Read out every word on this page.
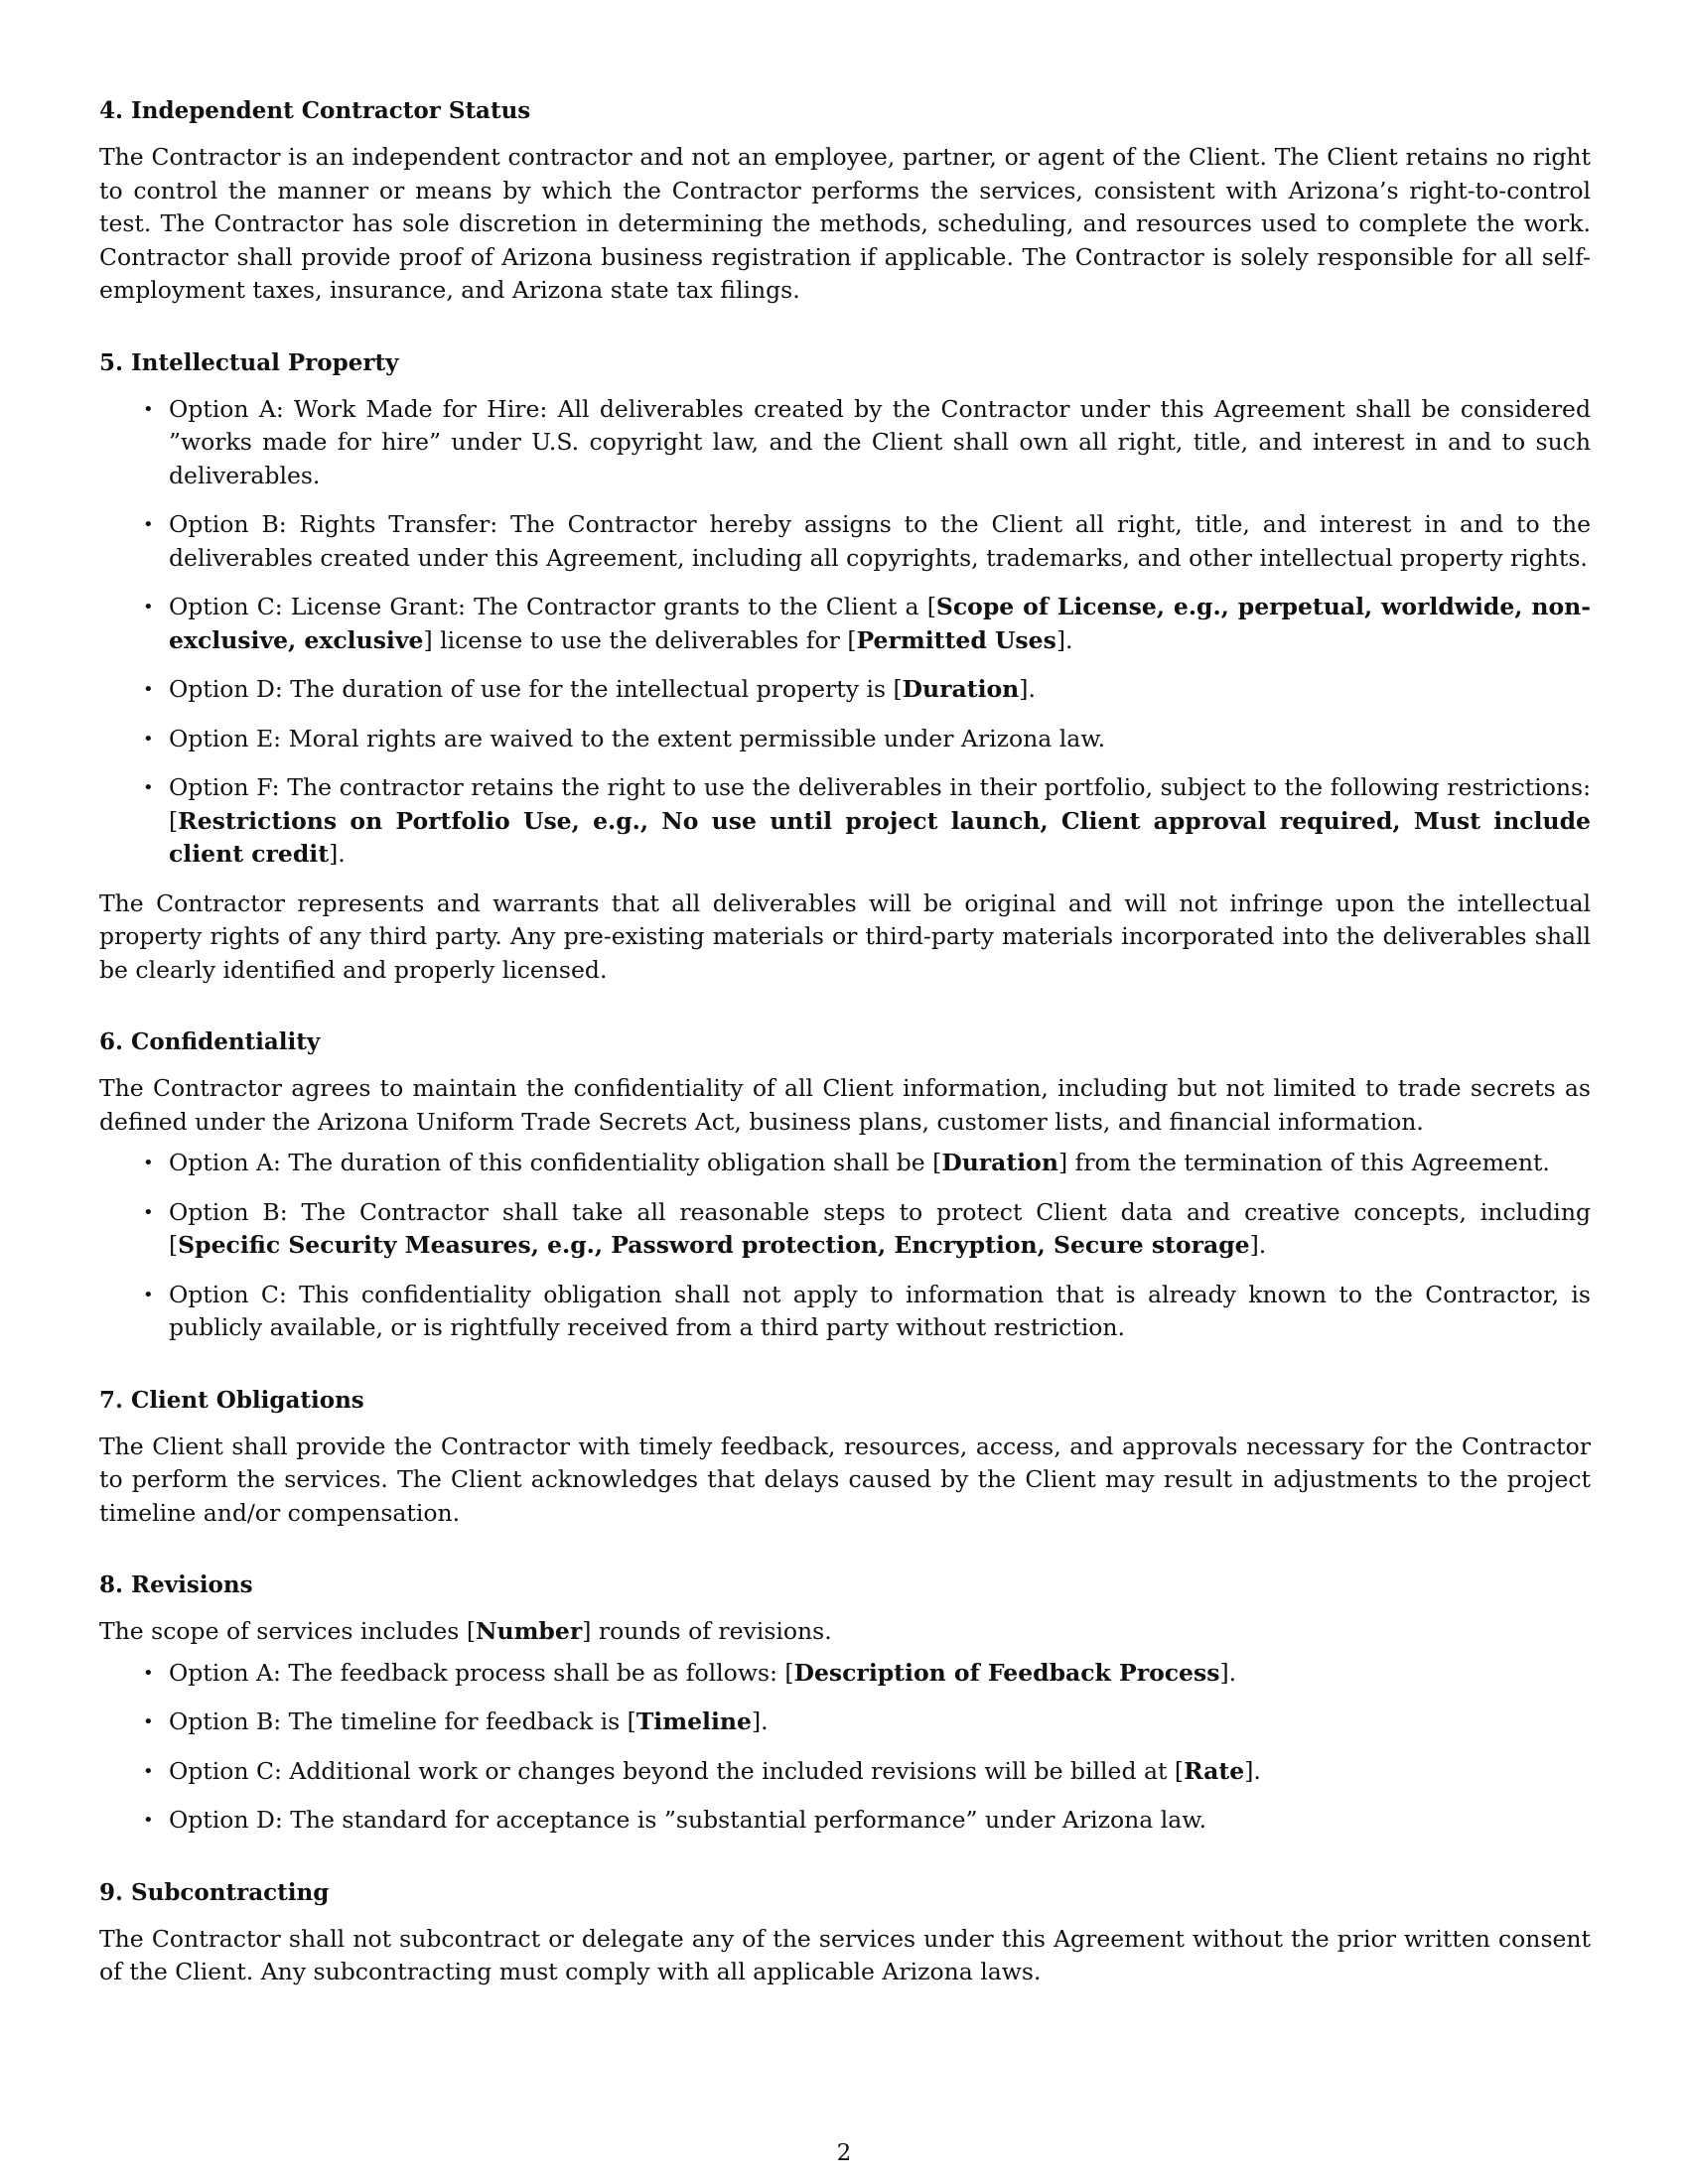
4. Independent Contractor Status

The Contractor is an independent contractor and not an employee, partner, or agent of the Client. The Client retains no right to control the manner or means by which the Contractor performs the services, consistent with Arizona’s right-to-control test. The Contractor has sole discretion in determining the methods, scheduling, and resources used to complete the work. Contractor shall provide proof of Arizona business registration if applicable. The Contractor is solely responsible for all self-employment taxes, insurance, and Arizona state tax filings.

5. Intellectual Property
• Option A: Work Made for Hire: All deliverables created by the Contractor under this Agreement shall be considered ”works made for hire” under U.S. copyright law, and the Client shall own all right, title, and interest in and to such deliverables.
• Option B: Rights Transfer: The Contractor hereby assigns to the Client all right, title, and interest in and to the deliverables created under this Agreement, including all copyrights, trademarks, and other intellectual property rights.
• Option C: License Grant: The Contractor grants to the Client a [Scope of License, e.g., perpetual, worldwide, non-exclusive, exclusive] license to use the deliverables for [Permitted Uses].
• Option D: The duration of use for the intellectual property is [Duration].
• Option E: Moral rights are waived to the extent permissible under Arizona law.
• Option F: The contractor retains the right to use the deliverables in their portfolio, subject to the following restrictions: [Restrictions on Portfolio Use, e.g., No use until project launch, Client approval required, Must include client credit].

The Contractor represents and warrants that all deliverables will be original and will not infringe upon the intellectual property rights of any third party. Any pre-existing materials or third-party materials incorporated into the deliverables shall be clearly identified and properly licensed.

6. Confidentiality

The Contractor agrees to maintain the confidentiality of all Client information, including but not limited to trade secrets as defined under the Arizona Uniform Trade Secrets Act, business plans, customer lists, and financial information.

• Option A: The duration of this confidentiality obligation shall be [Duration] from the termination of this Agreement.
• Option B: The Contractor shall take all reasonable steps to protect Client data and creative concepts, including [Specific Security Measures, e.g., Password protection, Encryption, Secure storage].
• Option C: This confidentiality obligation shall not apply to information that is already known to the Contractor, is publicly available, or is rightfully received from a third party without restriction.
7. Client Obligations

The Client shall provide the Contractor with timely feedback, resources, access, and approvals necessary for the Contractor to perform the services. The Client acknowledges that delays caused by the Client may result in adjustments to the project timeline and/or compensation.

8. Revisions

The scope of services includes [Number] rounds of revisions.

• Option A: The feedback process shall be as follows: [Description of Feedback Process].
• Option B: The timeline for feedback is [Timeline].
• Option C: Additional work or changes beyond the included revisions will be billed at [Rate].
• Option D: The standard for acceptance is ”substantial performance” under Arizona law.
9. Subcontracting

The Contractor shall not subcontract or delegate any of the services under this Agreement without the prior written consent of the Client. Any subcontracting must comply with all applicable Arizona laws.

2
